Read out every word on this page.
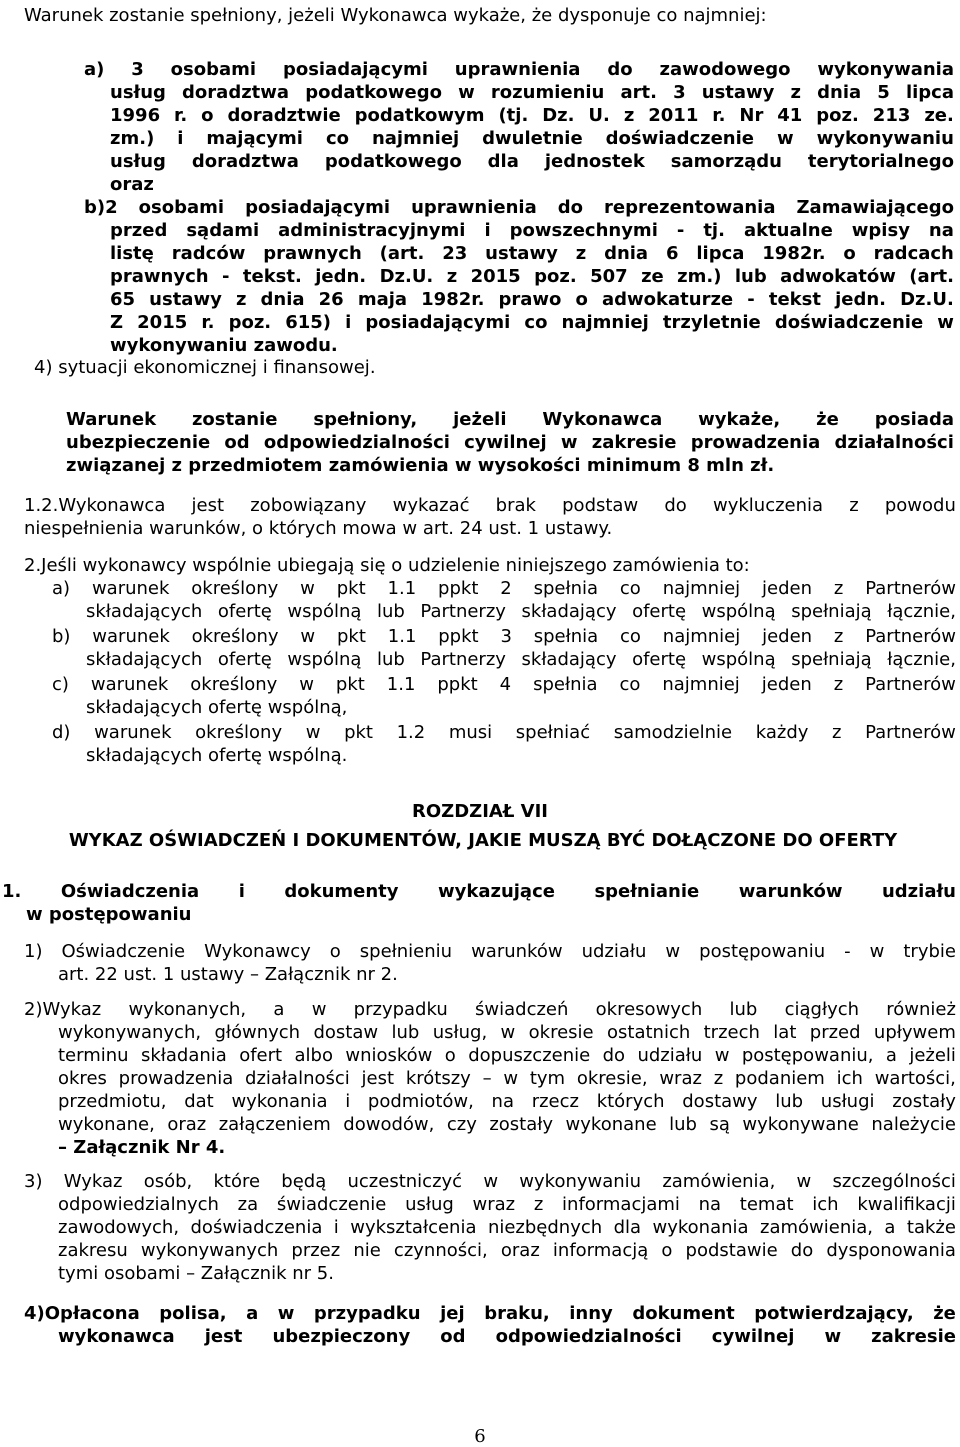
Warunek zostanie spełniony, jeżeli Wykonawca wykaże, że dysponuje co najmniej:
a) 3 osobami posiadającymi uprawnienia do zawodowego wykonywania
usług doradztwa podatkowego w rozumieniu art. 3 ustawy z dnia 5 lipca
1996 r. o doradztwie podatkowym (tj. Dz. U. z 2011 r. Nr 41 poz. 213 ze.
zm.) i mającymi co najmniej dwuletnie doświadczenie w wykonywaniu
usług doradztwa podatkowego dla jednostek samorządu terytorialnego
oraz
b)2 osobami posiadającymi uprawnienia do reprezentowania Zamawiającego
przed sądami administracyjnymi i powszechnymi - tj. aktualne wpisy na
listę radców prawnych (art. 23 ustawy z dnia 6 lipca 1982r. o radcach
prawnych - tekst. jedn. Dz.U. z 2015 poz. 507 ze zm.) lub adwokatów (art.
65 ustawy z dnia 26 maja 1982r. prawo o adwokaturze - tekst jedn. Dz.U.
Z 2015 r. poz. 615) i posiadającymi co najmniej trzyletnie doświadczenie w
wykonywaniu zawodu.
4) sytuacji ekonomicznej i finansowej.
Warunek zostanie spełniony, jeżeli Wykonawca wykaże, że posiada
ubezpieczenie od odpowiedzialności cywilnej w zakresie prowadzenia działalności
związanej z przedmiotem zamówienia w wysokości minimum 8 mln zł.
1.2.Wykonawca jest zobowiązany wykazać brak podstaw do wykluczenia z powodu
niespełnienia warunków, o których mowa w art. 24 ust. 1 ustawy.
2.Jeśli wykonawcy wspólnie ubiegają się o udzielenie niniejszego zamówienia to:
a) warunek określony w pkt 1.1 ppkt 2 spełnia co najmniej jeden z Partnerów
składających ofertę wspólną lub Partnerzy składający ofertę wspólną spełniają łącznie,
b) warunek określony w pkt 1.1 ppkt 3 spełnia co najmniej jeden z Partnerów
składających ofertę wspólną lub Partnerzy składający ofertę wspólną spełniają łącznie,
c) warunek określony w pkt 1.1 ppkt 4 spełnia co najmniej jeden z Partnerów
składających ofertę wspólną,
d) warunek określony w pkt 1.2 musi spełniać samodzielnie każdy z Partnerów
składających ofertę wspólną.
ROZDZIAŁ VII
WYKAZ OŚWIADCZEŃ I DOKUMENTÓW, JAKIE MUSZĄ BYĆ DOŁĄCZONE DO OFERTY
1. Oświadczenia i dokumenty wykazujące spełnianie warunków udziału
w postępowaniu
1) Oświadczenie Wykonawcy o spełnieniu warunków udziału w postępowaniu - w trybie
art. 22 ust. 1 ustawy – Załącznik nr 2.
2)Wykaz wykonanych, a w przypadku świadczeń okresowych lub ciągłych również
wykonywanych, głównych dostaw lub usług, w okresie ostatnich trzech lat przed upływem
terminu składania ofert albo wniosków o dopuszczenie do udziału w postępowaniu, a jeżeli
okres prowadzenia działalności jest krótszy – w tym okresie, wraz z podaniem ich wartości,
przedmiotu, dat wykonania i podmiotów, na rzecz których dostawy lub usługi zostały
wykonane, oraz załączeniem dowodów, czy zostały wykonane lub są wykonywane należycie
– Załącznik Nr 4.
3) Wykaz osób, które będą uczestniczyć w wykonywaniu zamówienia, w szczególności
odpowiedzialnych za świadczenie usług wraz z informacjami na temat ich kwalifikacji
zawodowych, doświadczenia i wykształcenia niezbędnych dla wykonania zamówienia, a także
zakresu wykonywanych przez nie czynności, oraz informacją o podstawie do dysponowania
tymi osobami – Załącznik nr 5.
4)Opłacona polisa, a w przypadku jej braku, inny dokument potwierdzający, że
wykonawca jest ubezpieczony od odpowiedzialności cywilnej w zakresie
6
